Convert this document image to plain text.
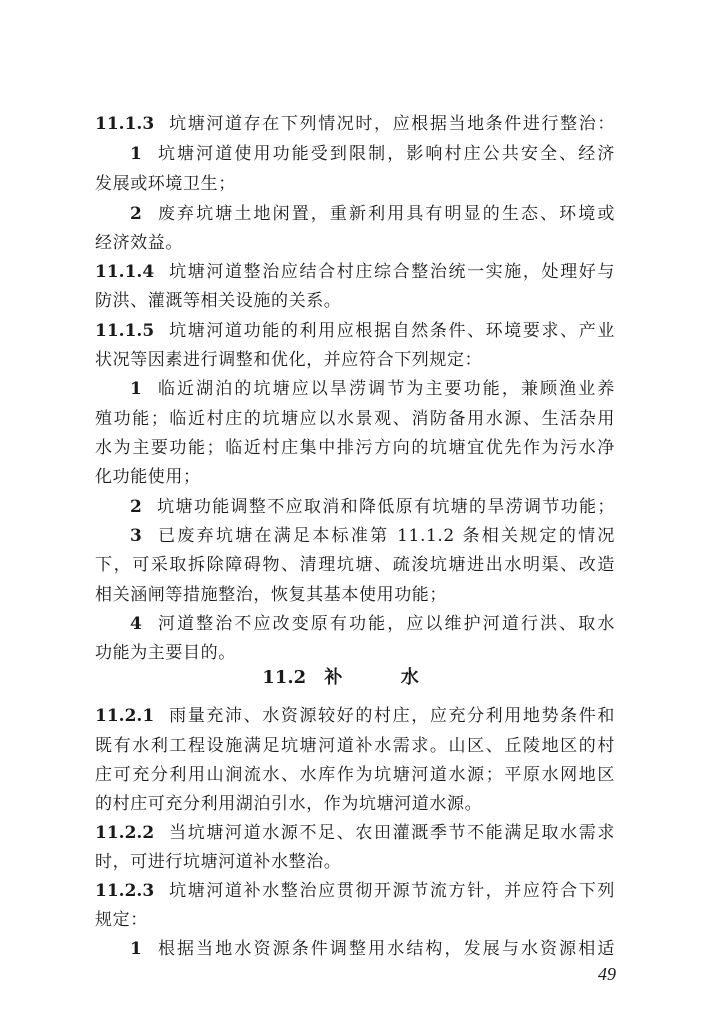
11.1.3 坑塘河道存在下列情况时，应根据当地条件进行整治：
1 坑塘河道使用功能受到限制，影响村庄公共安全、经济
发展或环境卫生；
2 废弃坑塘土地闲置，重新利用具有明显的生态、环境或
经济效益。
11.1.4 坑塘河道整治应结合村庄综合整治统一实施，处理好与
防洪、灌溉等相关设施的关系。
11.1.5 坑塘河道功能的利用应根据自然条件、环境要求、产业
状况等因素进行调整和优化，并应符合下列规定：
1 临近湖泊的坑塘应以旱涝调节为主要功能，兼顾渔业养
殖功能；临近村庄的坑塘应以水景观、消防备用水源、生活杂用
水为主要功能；临近村庄集中排污方向的坑塘宜优先作为污水净
化功能使用；
2 坑塘功能调整不应取消和降低原有坑塘的旱涝调节功能；
3 已废弃坑塘在满足本标准第 11.1.2 条相关规定的情况
下，可采取拆除障碍物、清理坑塘、疏浚坑塘进出水明渠、改造
相关涵闸等措施整治，恢复其基本使用功能；
4 河道整治不应改变原有功能，应以维护河道行洪、取水
功能为主要目的。
11.2 补 水
11.2.1 雨量充沛、水资源较好的村庄，应充分利用地势条件和
既有水利工程设施满足坑塘河道补水需求。山区、丘陵地区的村
庄可充分利用山涧流水、水库作为坑塘河道水源；平原水网地区
的村庄可充分利用湖泊引水，作为坑塘河道水源。
11.2.2 当坑塘河道水源不足、农田灌溉季节不能满足取水需求
时，可进行坑塘河道补水整治。
11.2.3 坑塘河道补水整治应贯彻开源节流方针，并应符合下列
规定：
1 根据当地水资源条件调整用水结构，发展与水资源相适
49
